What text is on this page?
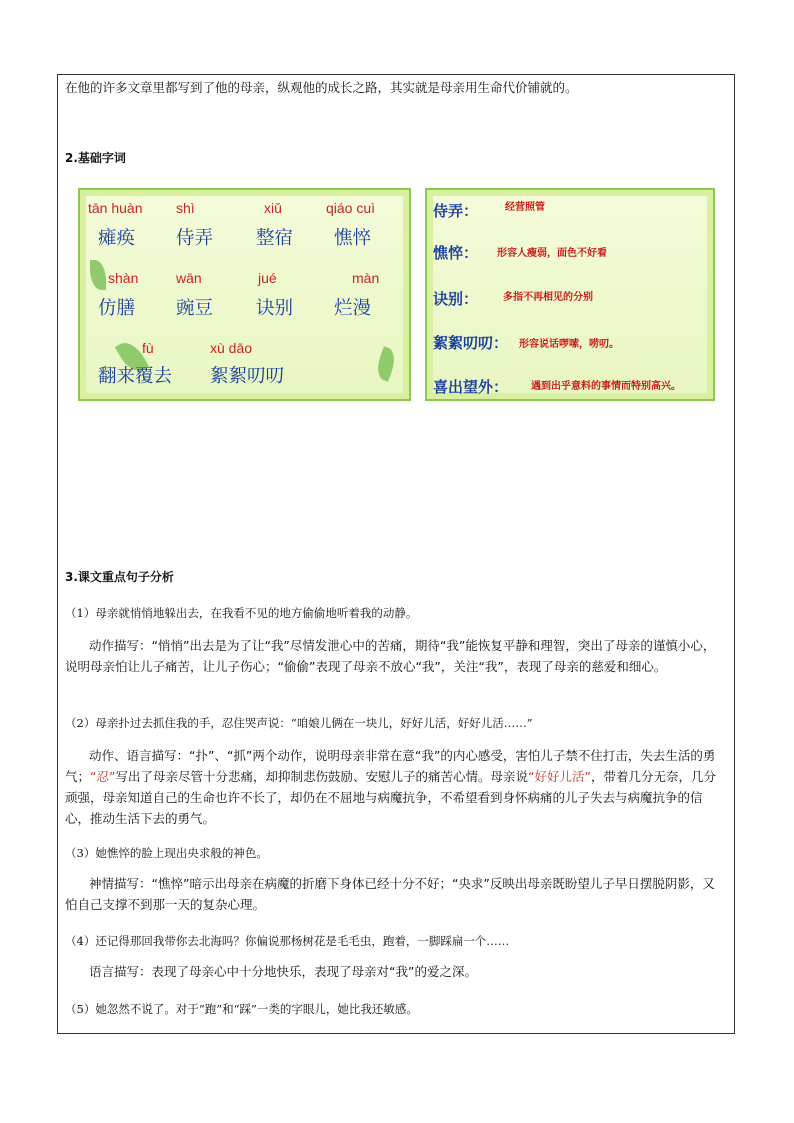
在他的许多文章里都写到了他的母亲，纵观他的成长之路，其实就是母亲用生命代价铺就的。
2.基础字词
tān huàn shì	xiǔ	qiáo cuì
瘫痪 侍弄 整宿 憔悴
shàn	wān	jué	màn
仿膳 豌豆 诀别 烂漫
fù	xù dāo
翻来覆去 絮絮叨叨
侍弄：	经营照管
憔悴： 形容人瘦弱，面色不好看
诀别： 多指不再相见的分别
絮絮叨叨： 形容说话啰嗦，唠叨。
喜出望外： 遇到出乎意料的事情而特别高兴。
3.课文重点句子分析
（1）母亲就悄悄地躲出去，在我看不见的地方偷偷地听着我的动静。
动作描写：“悄悄”出去是为了让“我”尽情发泄心中的苦痛，期待“我”能恢复平静和理智，突出了母亲的谨慎小心，说明母亲怕让儿子痛苦，让儿子伤心；“偷偷”表现了母亲不放心“我”，关注“我”，表现了母亲的慈爱和细心。
（2）母亲扑过去抓住我的手，忍住哭声说：“咱娘儿俩在一块儿，好好儿活，好好儿活……”
动作、语言描写：“扑”、“抓”两个动作，说明母亲非常在意“我”的内心感受，害怕儿子禁不住打击，失去生活的勇气；“忍”写出了母亲尽管十分悲痛，却抑制悲伤鼓励、安慰儿子的痛苦心情。母亲说“好好儿活”，带着几分无奈，几分顽强，母亲知道自己的生命也许不长了，却仍在不屈地与病魔抗争，不希望看到身怀病痛的儿子失去与病魔抗争的信心，推动生活下去的勇气。
（3）她憔悴的脸上现出央求般的神色。
神情描写：“憔悴”暗示出母亲在病魔的折磨下身体已经十分不好；“央求”反映出母亲既盼望儿子早日摆脱阴影，又怕自己支撑不到那一天的复杂心理。
（4）还记得那回我带你去北海吗？你偏说那杨树花是毛毛虫，跑着，一脚踩扁一个……
语言描写：表现了母亲心中十分地快乐，表现了母亲对“我”的爱之深。
（5）她忽然不说了。对于“跑”和“踩”一类的字眼儿，她比我还敏感。
